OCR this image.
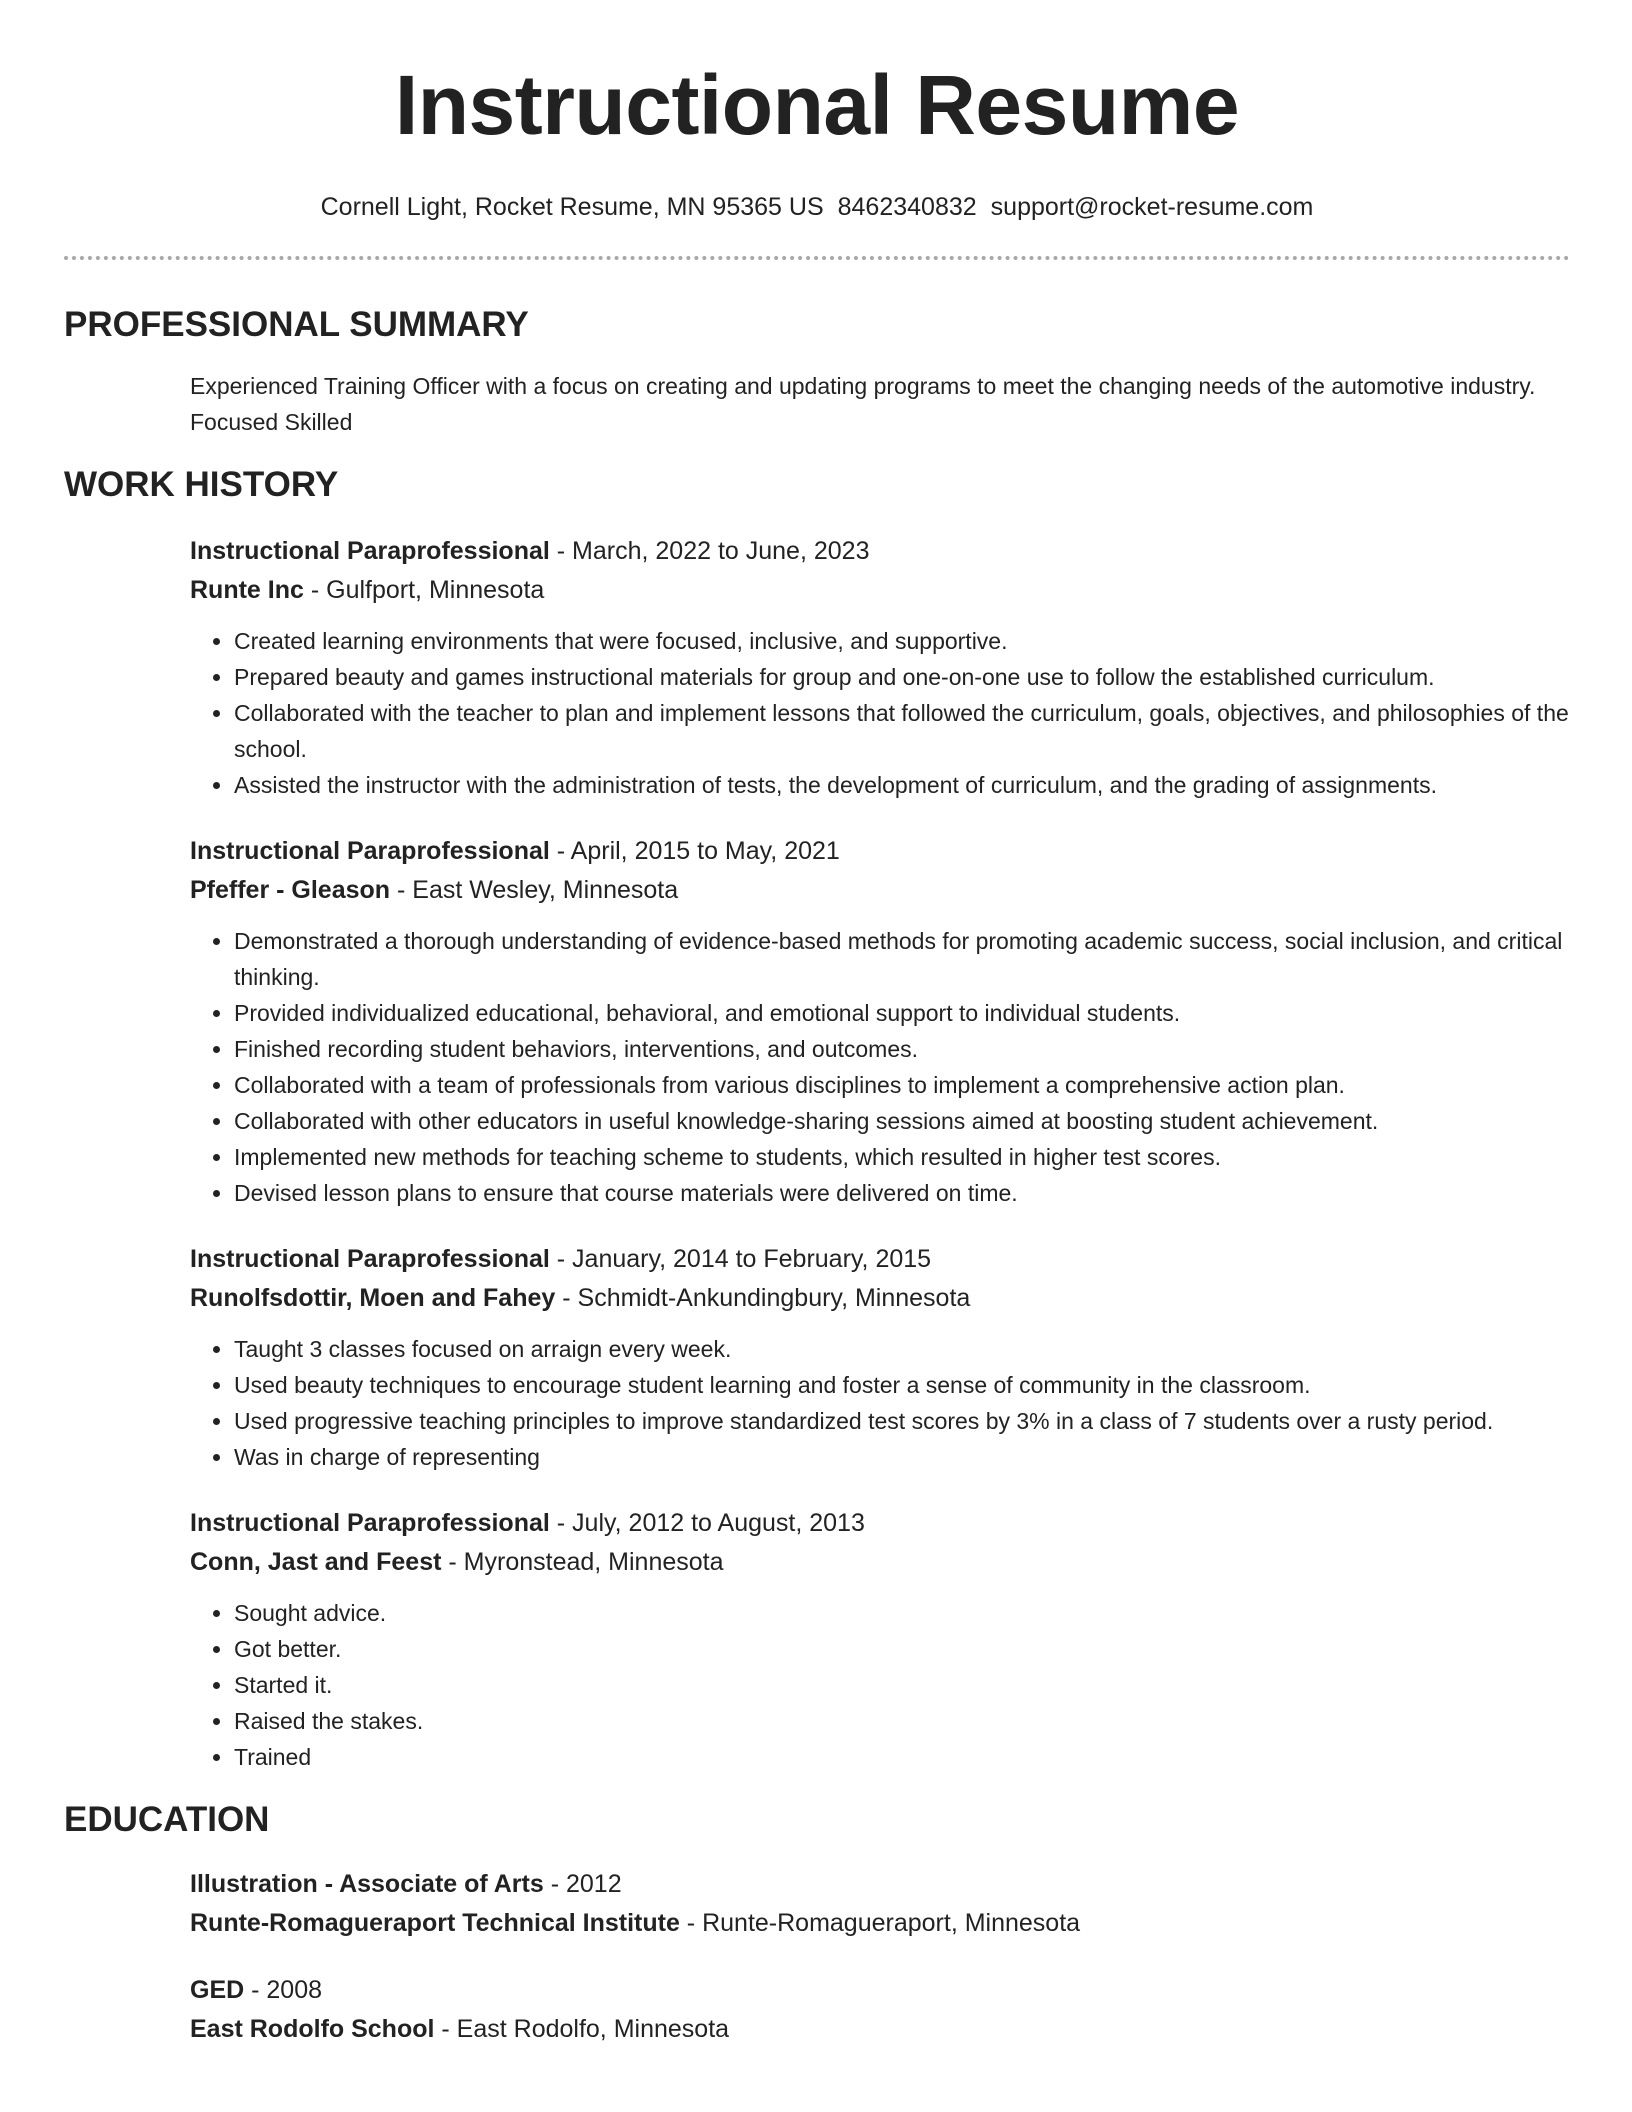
Instructional Resume
Cornell Light, Rocket Resume, MN 95365 US 8462340832 support@rocket-resume.com
PROFESSIONAL SUMMARY

Experienced Training Officer with a focus on creating and updating programs to meet the changing needs of the automotive industry. Focused Skilled

WORK HISTORY
Instructional Paraprofessional - March, 2022 to June, 2023
Runte Inc - Gulfport, Minnesota
• Created learning environments that were focused, inclusive, and supportive.
• Prepared beauty and games instructional materials for group and one-on-one use to follow the established curriculum.
• Collaborated with the teacher to plan and implement lessons that followed the curriculum, goals, objectives, and philosophies of the school.
• Assisted the instructor with the administration of tests, the development of curriculum, and the grading of assignments.
Instructional Paraprofessional - April, 2015 to May, 2021
Pfeffer - Gleason - East Wesley, Minnesota
• Demonstrated a thorough understanding of evidence-based methods for promoting academic success, social inclusion, and critical thinking.
• Provided individualized educational, behavioral, and emotional support to individual students.
• Finished recording student behaviors, interventions, and outcomes.
• Collaborated with a team of professionals from various disciplines to implement a comprehensive action plan.
• Collaborated with other educators in useful knowledge-sharing sessions aimed at boosting student achievement.
• Implemented new methods for teaching scheme to students, which resulted in higher test scores.
• Devised lesson plans to ensure that course materials were delivered on time.
Instructional Paraprofessional - January, 2014 to February, 2015
Runolfsdottir, Moen and Fahey - Schmidt-Ankundingbury, Minnesota
• Taught 3 classes focused on arraign every week.
• Used beauty techniques to encourage student learning and foster a sense of community in the classroom.
• Used progressive teaching principles to improve standardized test scores by 3% in a class of 7 students over a rusty period.
• Was in charge of representing
Instructional Paraprofessional - July, 2012 to August, 2013
Conn, Jast and Feest - Myronstead, Minnesota
• Sought advice.
• Got better.
• Started it.
• Raised the stakes.
• Trained
EDUCATION
Illustration - Associate of Arts - 2012
Runte-Romagueraport Technical Institute - Runte-Romagueraport, Minnesota
GED - 2008
East Rodolfo School - East Rodolfo, Minnesota
